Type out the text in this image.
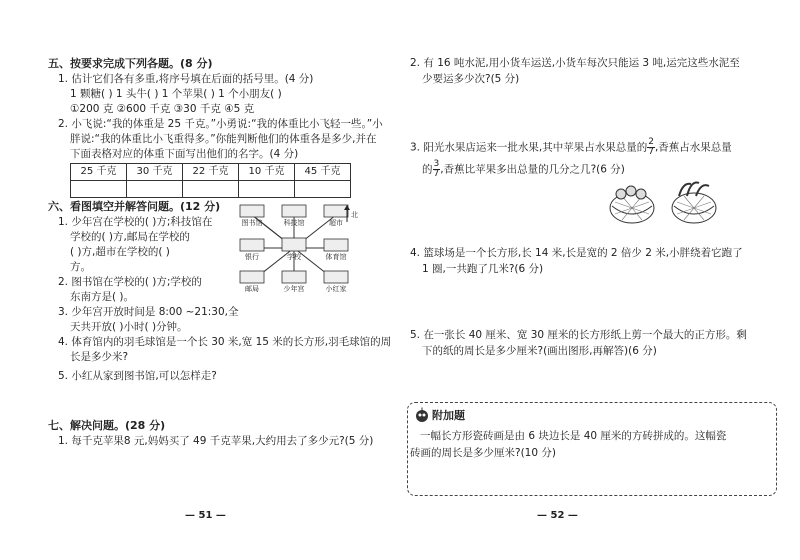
五、按要求完成下列各题。(8 分)
1. 估计它们各有多重,将序号填在后面的括号里。(4 分)
1 颗糖( ) 1 头牛( ) 1 个苹果( ) 1 个小朋友( )
①200 克 ②600 千克 ③30 千克 ④5 克
2. 小飞说:“我的体重是 25 千克。”小勇说:“我的体重比小飞轻一些。”小
胖说:“我的体重比小飞重得多。”你能判断他们的体重各是多少,并在
下面表格对应的体重下面写出他们的名字。(4 分)
25 千克	30 千克	22 千克	10 千克	45 千克

六、看图填空并解答问题。(12 分)
1. 少年宫在学校的( )方;科技馆在
学校的( )方,邮局在学校的
( )方,超市在学校的( )
方。
2. 图书馆在学校的( )方;学校的
东南方是( )。
3. 少年宫开放时间是 8:00 ~21:30,全
天共开放( )小时( )分钟。
4. 体育馆内的羽毛球馆是一个长 30 米,宽 15 米的长方形,羽毛球馆的周
长是多少米?
5. 小红从家到图书馆,可以怎样走?
图书馆	科技馆	超市
银行	学校	体育馆
邮局	少年宫	小红家
北
七、解决问题。(28 分)
1. 每千克苹果8 元,妈妈买了 49 千克苹果,大约用去了多少元?(5 分)
— 51 —
2. 有 16 吨水泥,用小货车运送,小货车每次只能运 3 吨,运完这些水泥至
少要运多少次?(5 分)
3. 阳光水果店运来一批水果,其中苹果占水果总量的 $\frac{2}{7}$ ,香蕉占水果总量
的 $\frac{3}{7}$ ,香蕉比苹果多出总量的几分之几?(6 分)
4. 篮球场是一个长方形,长 14 米,长是宽的 2 倍少 2 米,小胖绕着它跑了
1 圈,一共跑了几米?(6 分)
5. 在一张长 40 厘米、宽 30 厘米的长方形纸上剪一个最大的正方形。剩
下的纸的周长是多少厘米?(画出图形,再解答)(6 分)
— 52 —
附加题
一幅长方形瓷砖画是由 6 块边长是 40 厘米的方砖拼成的。这幅瓷
砖画的周长是多少厘米?(10 分)
